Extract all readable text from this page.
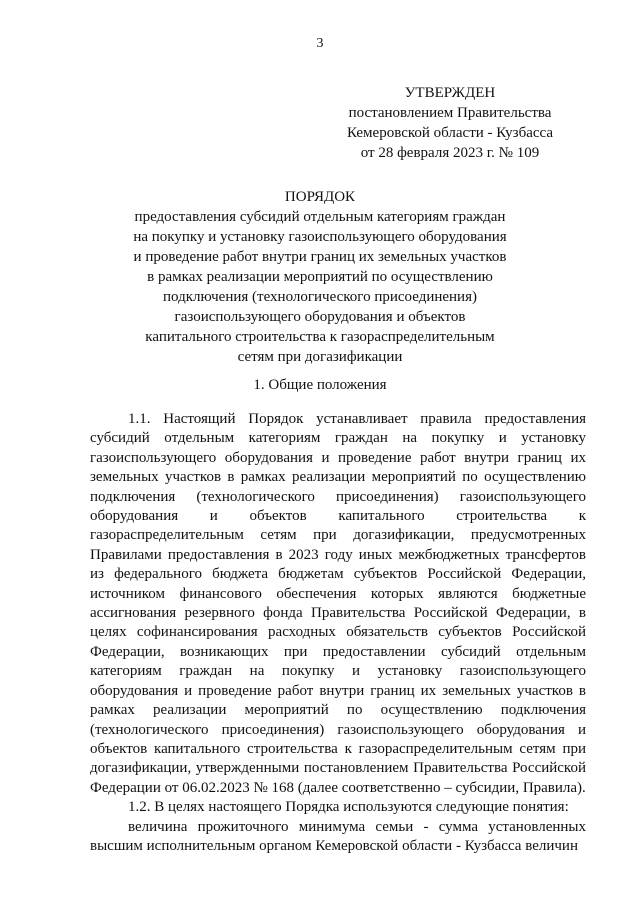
3
УТВЕРЖДЕН
постановлением Правительства
Кемеровской области - Кузбасса
от 28 февраля 2023 г. № 109
ПОРЯДОК
предоставления субсидий отдельным категориям граждан
на покупку и установку газоиспользующего оборудования
и проведение работ внутри границ их земельных участков
в рамках реализации мероприятий по осуществлению
подключения (технологического присоединения)
газоиспользующего оборудования и объектов
капитального строительства к газораспределительным
сетям при догазификации
1. Общие положения

1.1. Настоящий Порядок устанавливает правила предоставления субсидий отдельным категориям граждан на покупку и установку газоиспользующего оборудования и проведение работ внутри границ их земельных участков в рамках реализации мероприятий по осуществлению подключения (технологического присоединения) газоиспользующего оборудования и объектов капитального строительства к газораспределительным сетям при догазификации, предусмотренных Правилами предоставления в 2023 году иных межбюджетных трансфертов из федерального бюджета бюджетам субъектов Российской Федерации, источником финансового обеспечения которых являются бюджетные ассигнования резервного фонда Правительства Российской Федерации, в целях софинансирования расходных обязательств субъектов Российской Федерации, возникающих при предоставлении субсидий отдельным категориям граждан на покупку и установку газоиспользующего оборудования и проведение работ внутри границ их земельных участков в рамках реализации мероприятий по осуществлению подключения (технологического присоединения) газоиспользующего оборудования и объектов капитального строительства к газораспределительным сетям при догазификации, утвержденными постановлением Правительства Российской Федерации от 06.02.2023 № 168 (далее соответственно – субсидии, Правила).

1.2. В целях настоящего Порядка используются следующие понятия:

величина прожиточного минимума семьи - сумма установленных высшим исполнительным органом Кемеровской области - Кузбасса величин
